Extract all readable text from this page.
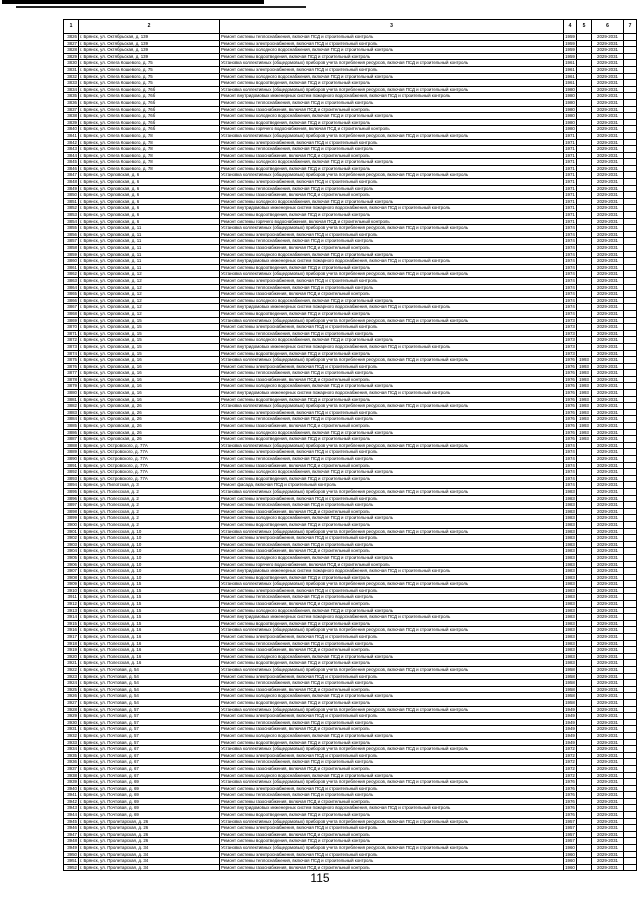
1	2	3	4	5	6	7
3826	г. Брянск, ул. Октябрьская, д. 139	Ремонт системы теплоснабжения, включая ПСД и строительный контроль	1959		2029-2031	
3827	г. Брянск, ул. Октябрьская, д. 139	Ремонт системы электроснабжения, включая ПСД и строительный контроль	1959		2029-2031	
3828	г. Брянск, ул. Октябрьская, д. 139	Ремонт системы холодного водоснабжения, включая ПСД и строительный контроль	1959		2029-2031	
3829	г. Брянск, ул. Октябрьская, д. 139	Ремонт системы водоотведения, включая ПСД и строительный контроль	1959		2029-2031	
3830	г. Брянск, ул. Олега Кошевого, д. 75	Установка коллективных (общедомовых) приборов учета потребления ресурсов, включая ПСД и строительный контроль	1961		2029-2031	
3831	г. Брянск, ул. Олега Кошевого, д. 75	Ремонт системы электроснабжения, включая ПСД и строительный контроль	1961		2029-2031	
3832	г. Брянск, ул. Олега Кошевого, д. 75	Ремонт системы холодного водоснабжения, включая ПСД и строительный контроль	1961		2029-2031	
3833	г. Брянск, ул. Олега Кошевого, д. 75	Ремонт системы водоотведения, включая ПСД и строительный контроль	1961		2029-2031	
3834	г. Брянск, ул. Олега Кошевого, д. 76б	Установка коллективных (общедомовых) приборов учета потребления ресурсов, включая ПСД и строительный контроль	1980		2029-2031	
3835	г. Брянск, ул. Олега Кошевого, д. 76б	Ремонт внутридомовых инженерных систем пожарного водоснабжения, включая ПСД и строительный контроль	1980		2029-2031	
3836	г. Брянск, ул. Олега Кошевого, д. 76б	Ремонт системы теплоснабжения, включая ПСД и строительный контроль	1980		2029-2031	
3837	г. Брянск, ул. Олега Кошевого, д. 76б	Ремонт системы газоснабжения, включая ПСД и строительный контроль	1980		2029-2031	
3838	г. Брянск, ул. Олега Кошевого, д. 76б	Ремонт системы холодного водоснабжения, включая ПСД и строительный контроль	1980		2029-2031	
3839	г. Брянск, ул. Олега Кошевого, д. 76б	Ремонт системы водоотведения, включая ПСД и строительный контроль	1980		2029-2031	
3840	г. Брянск, ул. Олега Кошевого, д. 76б	Ремонт системы горячего водоснабжения, включая ПСД и строительный контроль	1980		2029-2031	
3841	г. Брянск, ул. Олега Кошевого, д. 78	Установка коллективных (общедомовых) приборов учета потребления ресурсов, включая ПСД и строительный контроль	1971		2029-2031	
3842	г. Брянск, ул. Олега Кошевого, д. 78	Ремонт системы электроснабжения, включая ПСД и строительный контроль	1971		2029-2031	
3843	г. Брянск, ул. Олега Кошевого, д. 78	Ремонт системы теплоснабжения, включая ПСД и строительный контроль	1971		2029-2031	
3844	г. Брянск, ул. Олега Кошевого, д. 78	Ремонт системы газоснабжения, включая ПСД и строительный контроль	1971		2029-2031	
3845	г. Брянск, ул. Олега Кошевого, д. 78	Ремонт системы холодного водоснабжения, включая ПСД и строительный контроль	1971		2029-2031	
3846	г. Брянск, ул. Олега Кошевого, д. 78	Ремонт системы водоотведения, включая ПСД и строительный контроль	1971		2029-2031	
3847	г. Брянск, ул. Орловская, д. 6	Установка коллективных (общедомовых) приборов учета потребления ресурсов, включая ПСД и строительный контроль	1971		2029-2031	
3848	г. Брянск, ул. Орловская, д. 6	Ремонт системы электроснабжения, включая ПСД и строительный контроль	1971		2029-2031	
3849	г. Брянск, ул. Орловская, д. 6	Ремонт системы теплоснабжения, включая ПСД и строительный контроль	1971		2029-2031	
3850	г. Брянск, ул. Орловская, д. 6	Ремонт системы газоснабжения, включая ПСД и строительный контроль	1971		2029-2031	
3851	г. Брянск, ул. Орловская, д. 6	Ремонт системы холодного водоснабжения, включая ПСД и строительный контроль	1971		2029-2031	
3852	г. Брянск, ул. Орловская, д. 6	Ремонт внутридомовых инженерных систем пожарного водоснабжения, включая ПСД и строительный контроль	1971		2029-2031	
3853	г. Брянск, ул. Орловская, д. 6	Ремонт системы водоотведения, включая ПСД и строительный контроль	1971		2029-2031	
3854	г. Брянск, ул. Орловская, д. 6	Ремонт системы горячего водоснабжения, включая ПСД и строительный контроль	1971		2029-2031	
3855	г. Брянск, ул. Орловская, д. 11	Установка коллективных (общедомовых) приборов учета потребления ресурсов, включая ПСД и строительный контроль	1974		2029-2031	
3856	г. Брянск, ул. Орловская, д. 11	Ремонт системы электроснабжения, включая ПСД и строительный контроль	1974		2029-2031	
3857	г. Брянск, ул. Орловская, д. 11	Ремонт системы теплоснабжения, включая ПСД и строительный контроль	1974		2029-2031	
3858	г. Брянск, ул. Орловская, д. 11	Ремонт системы газоснабжения, включая ПСД и строительный контроль	1974		2029-2031	
3859	г. Брянск, ул. Орловская, д. 11	Ремонт системы холодного водоснабжения, включая ПСД и строительный контроль	1974		2029-2031	
3860	г. Брянск, ул. Орловская, д. 11	Ремонт внутридомовых инженерных систем пожарного водоснабжения, включая ПСД и строительный контроль	1974		2029-2031	
3861	г. Брянск, ул. Орловская, д. 11	Ремонт системы водоотведения, включая ПСД и строительный контроль	1974		2029-2031	
3862	г. Брянск, ул. Орловская, д. 12	Установка коллективных (общедомовых) приборов учета потребления ресурсов, включая ПСД и строительный контроль	1974		2029-2031	
3863	г. Брянск, ул. Орловская, д. 12	Ремонт системы электроснабжения, включая ПСД и строительный контроль	1974		2029-2031	
3864	г. Брянск, ул. Орловская, д. 12	Ремонт системы теплоснабжения, включая ПСД и строительный контроль	1974		2029-2031	
3865	г. Брянск, ул. Орловская, д. 12	Ремонт системы газоснабжения, включая ПСД и строительный контроль	1974		2029-2031	
3866	г. Брянск, ул. Орловская, д. 12	Ремонт системы холодного водоснабжения, включая ПСД и строительный контроль	1974		2029-2031	
3867	г. Брянск, ул. Орловская, д. 12	Ремонт внутридомовых инженерных систем пожарного водоснабжения, включая ПСД и строительный контроль	1974		2029-2031	
3868	г. Брянск, ул. Орловская, д. 12	Ремонт системы водоотведения, включая ПСД и строительный контроль	1974		2029-2031	
3869	г. Брянск, ул. Орловская, д. 15	Установка коллективных (общедомовых) приборов учета потребления ресурсов, включая ПСД и строительный контроль	1973		2029-2031	
3870	г. Брянск, ул. Орловская, д. 15	Ремонт системы электроснабжения, включая ПСД и строительный контроль	1973		2029-2031	
3871	г. Брянск, ул. Орловская, д. 15	Ремонт системы теплоснабжения, включая ПСД и строительный контроль	1973		2029-2031	
3872	г. Брянск, ул. Орловская, д. 15	Ремонт системы холодного водоснабжения, включая ПСД и строительный контроль	1973		2029-2031	
3873	г. Брянск, ул. Орловская, д. 15	Ремонт внутридомовых инженерных систем пожарного водоснабжения, включая ПСД и строительный контроль	1973		2029-2031	
3874	г. Брянск, ул. Орловская, д. 15	Ремонт системы водоотведения, включая ПСД и строительный контроль	1973		2029-2031	
3875	г. Брянск, ул. Орловская, д. 16	Установка коллективных (общедомовых) приборов учета потребления ресурсов, включая ПСД и строительный контроль	1976	1993	2029-2031	
3876	г. Брянск, ул. Орловская, д. 16	Ремонт системы электроснабжения, включая ПСД и строительный контроль	1976	1993	2029-2031	
3877	г. Брянск, ул. Орловская, д. 16	Ремонт системы теплоснабжения, включая ПСД и строительный контроль	1976	1993	2029-2031	
3878	г. Брянск, ул. Орловская, д. 16	Ремонт системы газоснабжения, включая ПСД и строительный контроль	1976	1993	2029-2031	
3879	г. Брянск, ул. Орловская, д. 16	Ремонт системы холодного водоснабжения, включая ПСД и строительный контроль	1976	1993	2029-2031	
3880	г. Брянск, ул. Орловская, д. 16	Ремонт внутридомовых инженерных систем пожарного водоснабжения, включая ПСД и строительный контроль	1976	1993	2029-2031	
3881	г. Брянск, ул. Орловская, д. 16	Ремонт системы водоотведения, включая ПСД и строительный контроль	1976	1993	2029-2031	
3882	г. Брянск, ул. Орловская, д. 26	Установка коллективных (общедомовых) приборов учета потребления ресурсов, включая ПСД и строительный контроль	1976	1993	2029-2031	
3883	г. Брянск, ул. Орловская, д. 26	Ремонт системы электроснабжения, включая ПСД и строительный контроль	1976	1993	2029-2031	
3884	г. Брянск, ул. Орловская, д. 26	Ремонт системы теплоснабжения, включая ПСД и строительный контроль	1976	1993	2029-2031	
3885	г. Брянск, ул. Орловская, д. 26	Ремонт системы газоснабжения, включая ПСД и строительный контроль	1976	1993	2029-2031	
3886	г. Брянск, ул. Орловская, д. 26	Ремонт системы холодного водоснабжения, включая ПСД и строительный контроль	1976	1993	2029-2031	
3887	г. Брянск, ул. Орловская, д. 26	Ремонт системы водоотведения, включая ПСД и строительный контроль	1976	1993	2029-2031	
3888	г. Брянск, ул. Островского, д. 77А	Установка коллективных (общедомовых) приборов учета потребления ресурсов, включая ПСД и строительный контроль	1974		2029-2031	
3889	г. Брянск, ул. Островского, д. 77А	Ремонт системы электроснабжения, включая ПСД и строительный контроль	1974		2029-2031	
3890	г. Брянск, ул. Островского, д. 77А	Ремонт системы теплоснабжения, включая ПСД и строительный контроль	1974		2029-2031	
3891	г. Брянск, ул. Островского, д. 77А	Ремонт системы газоснабжения, включая ПСД и строительный контроль	1974		2029-2031	
3892	г. Брянск, ул. Островского, д. 77А	Ремонт системы холодного водоснабжения, включая ПСД и строительный контроль	1974		2029-2031	
3893	г. Брянск, ул. Островского, д. 77А	Ремонт системы водоотведения, включая ПСД и строительный контроль	1974		2029-2031	
3894	г. Брянск, ул. Пилотская, д. 3	Ремонт фасада, включая ПСД и строительный контроль	1974		2029-2031	
3895	г. Брянск, ул. Полесская, д. 2	Установка коллективных (общедомовых) приборов учета потребления ресурсов, включая ПСД и строительный контроль	1983		2029-2031	
3896	г. Брянск, ул. Полесская, д. 2	Ремонт системы электроснабжения, включая ПСД и строительный контроль	1983		2029-2031	
3897	г. Брянск, ул. Полесская, д. 2	Ремонт системы теплоснабжения, включая ПСД и строительный контроль	1983		2029-2031	
3898	г. Брянск, ул. Полесская, д. 2	Ремонт системы газоснабжения, включая ПСД и строительный контроль	1983		2029-2031	
3899	г. Брянск, ул. Полесская, д. 2	Ремонт системы холодного водоснабжения, включая ПСД и строительный контроль	1983		2029-2031	
3900	г. Брянск, ул. Полесская, д. 2	Ремонт системы водоотведения, включая ПСД и строительный контроль	1983		2029-2031	
3901	г. Брянск, ул. Полесская, д. 10	Установка коллективных (общедомовых) приборов учета потребления ресурсов, включая ПСД и строительный контроль	1983		2029-2031	
3902	г. Брянск, ул. Полесская, д. 10	Ремонт системы электроснабжения, включая ПСД и строительный контроль	1983		2029-2031	
3903	г. Брянск, ул. Полесская, д. 10	Ремонт системы теплоснабжения, включая ПСД и строительный контроль	1983		2029-2031	
3904	г. Брянск, ул. Полесская, д. 10	Ремонт системы газоснабжения, включая ПСД и строительный контроль	1983		2029-2031	
3905	г. Брянск, ул. Полесская, д. 10	Ремонт системы холодного водоснабжения, включая ПСД и строительный контроль	1983		2029-2031	
3906	г. Брянск, ул. Полесская, д. 10	Ремонт системы горячего водоснабжения, включая ПСД и строительный контроль	1983		2029-2031	
3907	г. Брянск, ул. Полесская, д. 10	Ремонт внутридомовых инженерных систем пожарного водоснабжения, включая ПСД и строительный контроль	1983		2029-2031	
3908	г. Брянск, ул. Полесская, д. 10	Ремонт системы водоотведения, включая ПСД и строительный контроль	1983		2029-2031	
3909	г. Брянск, ул. Полесская, д. 15	Установка коллективных (общедомовых) приборов учета потребления ресурсов, включая ПСД и строительный контроль	1983		2029-2031	
3910	г. Брянск, ул. Полесская, д. 15	Ремонт системы электроснабжения, включая ПСД и строительный контроль	1983		2029-2031	
3911	г. Брянск, ул. Полесская, д. 15	Ремонт системы теплоснабжения, включая ПСД и строительный контроль	1983		2029-2031	
3912	г. Брянск, ул. Полесская, д. 15	Ремонт системы газоснабжения, включая ПСД и строительный контроль	1983		2029-2031	
3913	г. Брянск, ул. Полесская, д. 15	Ремонт системы холодного водоснабжения, включая ПСД и строительный контроль	1983		2029-2031	
3914	г. Брянск, ул. Полесская, д. 15	Ремонт внутридомовых инженерных систем пожарного водоснабжения, включая ПСД и строительный контроль	1983		2029-2031	
3915	г. Брянск, ул. Полесская, д. 15	Ремонт системы водоотведения, включая ПСД и строительный контроль	1983		2029-2031	
3916	г. Брянск, ул. Полесская, д. 16	Установка коллективных (общедомовых) приборов учета потребления ресурсов, включая ПСД и строительный контроль	1983		2029-2031	
3917	г. Брянск, ул. Полесская, д. 16	Ремонт системы электроснабжения, включая ПСД и строительный контроль	1983		2029-2031	
3918	г. Брянск, ул. Полесская, д. 16	Ремонт системы теплоснабжения, включая ПСД и строительный контроль	1983		2029-2031	
3919	г. Брянск, ул. Полесская, д. 16	Ремонт системы газоснабжения, включая ПСД и строительный контроль	1983		2029-2031	
3920	г. Брянск, ул. Полесская, д. 16	Ремонт системы холодного водоснабжения, включая ПСД и строительный контроль	1983		2029-2031	
3921	г. Брянск, ул. Полесская, д. 16	Ремонт системы водоотведения, включая ПСД и строительный контроль	1983		2029-2031	
3922	г. Брянск, ул. Почтовая, д. 54	Установка коллективных (общедомовых) приборов учета потребления ресурсов, включая ПСД и строительный контроль	1958		2029-2031	
3923	г. Брянск, ул. Почтовая, д. 54	Ремонт системы электроснабжения, включая ПСД и строительный контроль	1958		2029-2031	
3924	г. Брянск, ул. Почтовая, д. 54	Ремонт системы теплоснабжения, включая ПСД и строительный контроль	1958		2029-2031	
3925	г. Брянск, ул. Почтовая, д. 54	Ремонт системы газоснабжения, включая ПСД и строительный контроль	1958		2029-2031	
3926	г. Брянск, ул. Почтовая, д. 54	Ремонт системы холодного водоснабжения, включая ПСД и строительный контроль	1958		2029-2031	
3927	г. Брянск, ул. Почтовая, д. 54	Ремонт системы водоотведения, включая ПСД и строительный контроль	1958		2029-2031	
3928	г. Брянск, ул. Почтовая, д. 57	Установка коллективных (общедомовых) приборов учета потребления ресурсов, включая ПСД и строительный контроль	1949		2029-2031	
3929	г. Брянск, ул. Почтовая, д. 57	Ремонт системы электроснабжения, включая ПСД и строительный контроль	1949		2029-2031	
3930	г. Брянск, ул. Почтовая, д. 57	Ремонт системы теплоснабжения, включая ПСД и строительный контроль	1949		2029-2031	
3931	г. Брянск, ул. Почтовая, д. 57	Ремонт системы газоснабжения, включая ПСД и строительный контроль	1949		2029-2031	
3932	г. Брянск, ул. Почтовая, д. 57	Ремонт системы холодного водоснабжения, включая ПСД и строительный контроль	1949		2029-2031	
3933	г. Брянск, ул. Почтовая, д. 57	Ремонт системы водоотведения, включая ПСД и строительный контроль	1949		2029-2031	
3934	г. Брянск, ул. Почтовая, д. 67	Установка коллективных (общедомовых) приборов учета потребления ресурсов, включая ПСД и строительный контроль	1972		2029-2031	
3935	г. Брянск, ул. Почтовая, д. 67	Ремонт системы электроснабжения, включая ПСД и строительный контроль	1972		2029-2031	
3936	г. Брянск, ул. Почтовая, д. 67	Ремонт системы теплоснабжения, включая ПСД и строительный контроль	1972		2029-2031	
3937	г. Брянск, ул. Почтовая, д. 67	Ремонт системы газоснабжения, включая ПСД и строительный контроль	1972		2029-2031	
3938	г. Брянск, ул. Почтовая, д. 67	Ремонт системы холодного водоснабжения, включая ПСД и строительный контроль	1972		2029-2031	
3939	г. Брянск, ул. Почтовая, д. 69	Установка коллективных (общедомовых) приборов учета потребления ресурсов, включая ПСД и строительный контроль	1976		2029-2031	
3940	г. Брянск, ул. Почтовая, д. 69	Ремонт системы электроснабжения, включая ПСД и строительный контроль	1976		2029-2031	
3941	г. Брянск, ул. Почтовая, д. 69	Ремонт системы теплоснабжения, включая ПСД и строительный контроль	1976		2029-2031	
3942	г. Брянск, ул. Почтовая, д. 69	Ремонт системы газоснабжения, включая ПСД и строительный контроль	1976		2029-2031	
3943	г. Брянск, ул. Почтовая, д. 69	Ремонт внутридомовых инженерных систем пожарного водоснабжения, включая ПСД и строительный контроль	1976		2029-2031	
3944	г. Брянск, ул. Почтовая, д. 69	Ремонт системы водоотведения, включая ПСД и строительный контроль	1976		2029-2031	
3945	г. Брянск, ул. Пролетарская, д. 26	Установка коллективных (общедомовых) приборов учета потребления ресурсов, включая ПСД и строительный контроль	1957		2029-2031	
3946	г. Брянск, ул. Пролетарская, д. 26	Ремонт системы электроснабжения, включая ПСД и строительный контроль	1957		2029-2031	
3947	г. Брянск, ул. Пролетарская, д. 26	Ремонт системы газоснабжения, включая ПСД и строительный контроль	1957		2029-2031	
3948	г. Брянск, ул. Пролетарская, д. 26	Ремонт системы водоотведения, включая ПСД и строительный контроль	1957		2029-2031	
3949	г. Брянск, ул. Пролетарская, д. 34	Установка коллективных (общедомовых) приборов учета потребления ресурсов, включая ПСД и строительный контроль	1960		2029-2031	
3950	г. Брянск, ул. Пролетарская, д. 34	Ремонт системы электроснабжения, включая ПСД и строительный контроль	1960		2029-2031	
3951	г. Брянск, ул. Пролетарская, д. 34	Ремонт системы теплоснабжения, включая ПСД и строительный контроль	1960		2029-2031	
3952	г. Брянск, ул. Пролетарская, д. 34	Ремонт системы газоснабжения, включая ПСД и строительный контроль	1960		2029-2031	
115
